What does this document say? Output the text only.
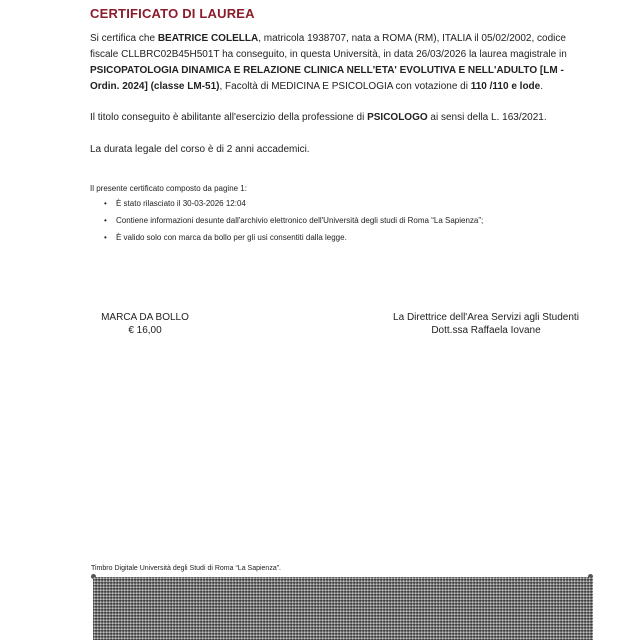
CERTIFICATO DI LAUREA
Si certifica che BEATRICE COLELLA, matricola 1938707, nata a ROMA (RM), ITALIA il 05/02/2002, codice fiscale CLLBRC02B45H501T ha conseguito, in questa Università, in data 26/03/2026 la laurea magistrale in PSICOPATOLOGIA DINAMICA E RELAZIONE CLINICA NELL'ETA' EVOLUTIVA E NELL'ADULTO [LM - Ordin. 2024] (classe LM-51), Facoltà di MEDICINA E PSICOLOGIA con votazione di 110 /110 e lode.
Il titolo conseguito è abilitante all'esercizio della professione di PSICOLOGO ai sensi della L. 163/2021.
La durata legale del corso è di 2 anni accademici.
Il presente certificato composto da pagine 1:
• È stato rilasciato il 30-03-2026 12:04
• Contiene informazioni desunte dall'archivio elettronico dell'Università degli studi di Roma “La Sapienza”;
• È valido solo con marca da bollo per gli usi consentiti dalla legge.
MARCA DA BOLLO
€ 16,00
La Direttrice dell'Area Servizi agli Studenti
Dott.ssa Raffaela Iovane
Timbro Digitale Università degli Studi di Roma “La Sapienza”.
